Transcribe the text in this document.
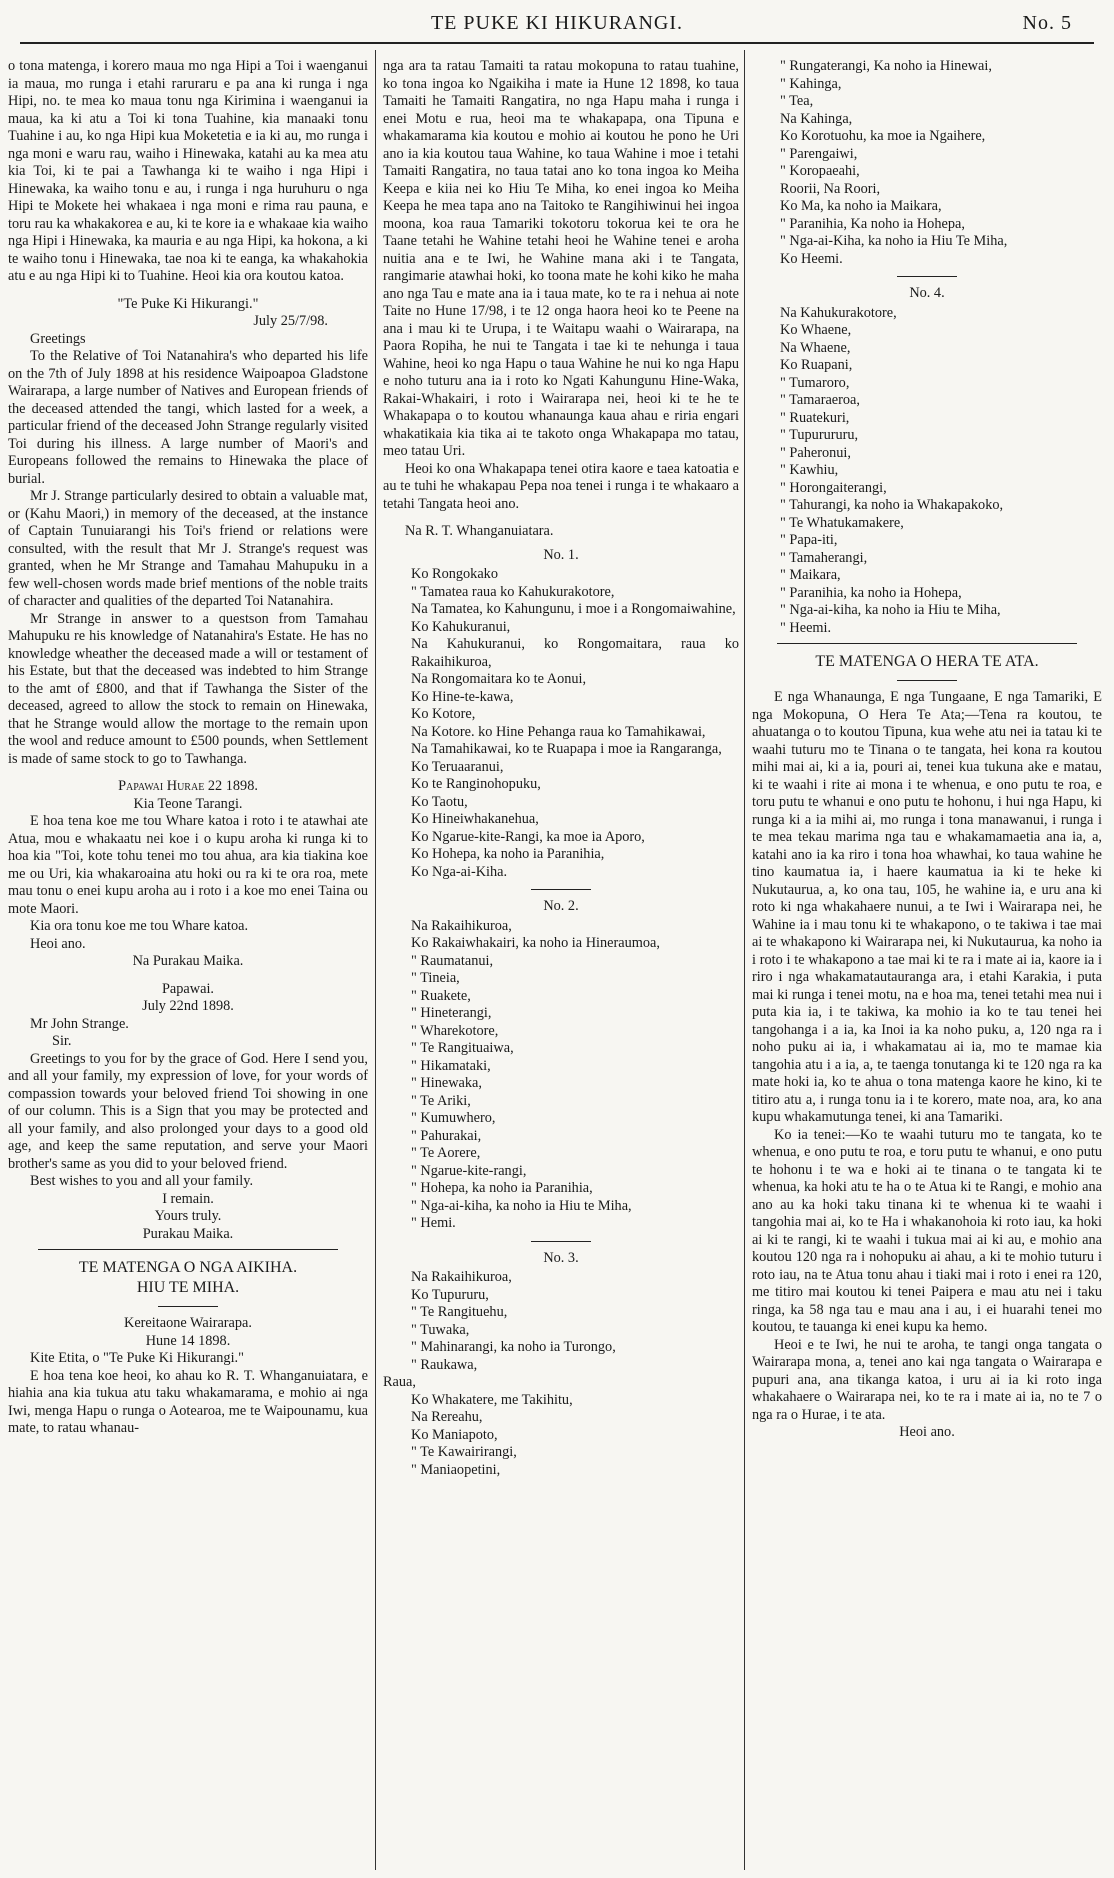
TE PUKE KI HIKURANGI.	No. 5

o tona matenga, i korero maua mo nga Hipi a Toi i waenganui ia maua, mo runga i etahi raruraru e pa ana ki runga i nga Hipi, no. te mea ko maua tonu nga Kirimina i waenganui ia maua, ka ki atu a Toi ki tona Tuahine, kia manaaki tonu Tuahine i au, ko nga Hipi kua Moketetia e ia ki au, mo runga i nga moni e waru rau, waiho i Hinewaka, katahi au ka mea atu kia Toi, ki te pai a Tawhanga ki te waiho i nga Hipi i Hinewaka, ka waiho tonu e au, i runga i nga huruhuru o nga Hipi te Mokete hei whakaea i nga moni e rima rau pauna, e toru rau ka whakakorea e au, ki te kore ia e whakaae kia waiho nga Hipi i Hinewaka, ka mauria e au nga Hipi, ka hokona, a ki te waiho tonu i Hinewaka, tae noa ki te eanga, ka whakahokia atu e au nga Hipi ki to Tuahine. Heoi kia ora koutou katoa.

"Te Puke Ki Hikurangi."

July 25/7/98.

Greetings

To the Relative of Toi Natanahira's who departed his life on the 7th of July 1898 at his residence Waipoapoa Gladstone Wairarapa, a large number of Natives and European friends of the deceased attended the tangi, which lasted for a week, a particular friend of the deceased John Strange regularly visited Toi during his illness. A large number of Maori's and Europeans followed the remains to Hinewaka the place of burial.

Mr J. Strange particularly desired to obtain a valuable mat, or (Kahu Maori,) in memory of the deceased, at the instance of Captain Tunuiarangi his Toi's friend or relations were consulted, with the result that Mr J. Strange's request was granted, when he Mr Strange and Tamahau Mahupuku in a few well-chosen words made brief mentions of the noble traits of character and qualities of the departed Toi Natanahira.

Mr Strange in answer to a questson from Tamahau Mahupuku re his knowledge of Natanahira's Estate. He has no knowledge wheather the deceased made a will or testament of his Estate, but that the deceased was indebted to him Strange to the amt of £800, and that if Tawhanga the Sister of the deceased, agreed to allow the stock to remain on Hinewaka, that he Strange would allow the mortage to the remain upon the wool and reduce amount to £500 pounds, when Settlement is made of same stock to go to Tawhanga.

Papawai Hurae 22 1898.

Kia Teone Tarangi.

E hoa tena koe me tou Whare katoa i roto i te atawhai ate Atua, mou e whakaatu nei koe i o kupu aroha ki runga ki to hoa kia "Toi, kote tohu tenei mo tou ahua, ara kia tiakina koe me ou Uri, kia whakaroaina atu hoki ou ra ki te ora roa, mete mau tonu o enei kupu aroha au i roto i a koe mo enei Taina ou mote Maori.

Kia ora tonu koe me tou Whare katoa.

Heoi ano.

Na Purakau Maika.

Papawai.

July 22nd 1898.

Mr John Strange.

Sir.

Greetings to you for by the grace of God. Here I send you, and all your family, my expression of love, for your words of compassion towards your beloved friend Toi showing in one of our column. This is a Sign that you may be protected and all your family, and also prolonged your days to a good old age, and keep the same reputation, and serve your Maori brother's same as you did to your beloved friend.

Best wishes to you and all your family.

I remain.

Yours truly.

Purakau Maika.

TE MATENGA O NGA AIKIHA.

HIU TE MIHA.

Kereitaone Wairarapa.

Hune 14 1898.

Kite Etita, o "Te Puke Ki Hikurangi."

E hoa tena koe heoi, ko ahau ko R. T. Whanganuiatara, e hiahia ana kia tukua atu taku whakamarama, e mohio ai nga Iwi, menga Hapu o runga o Aotearoa, me te Waipounamu, kua mate, to ratau whanau-

nga ara ta ratau Tamaiti ta ratau mokopuna to ratau tuahine, ko tona ingoa ko Ngaikiha i mate ia Hune 12 1898, ko taua Tamaiti he Tamaiti Rangatira, no nga Hapu maha i runga i enei Motu e rua, heoi ma te whakapapa, ona Tipuna e whakamarama kia koutou e mohio ai koutou he pono he Uri ano ia kia koutou taua Wahine, ko taua Wahine i moe i tetahi Tamaiti Rangatira, no taua tatai ano ko tona ingoa ko Meiha Keepa e kiia nei ko Hiu Te Miha, ko enei ingoa ko Meiha Keepa he mea tapa ano na Taitoko te Rangihiwinui hei ingoa moona, koa raua Tamariki tokotoru tokorua kei te ora he Taane tetahi he Wahine tetahi heoi he Wahine tenei e aroha nuitia ana e te Iwi, he Wahine mana aki i te Tangata, rangimarie atawhai hoki, ko toona mate he kohi kiko he maha ano nga Tau e mate ana ia i taua mate, ko te ra i nehua ai note Taite no Hune 17/98, i te 12 onga haora heoi ko te Peene na ana i mau ki te Urupa, i te Waitapu waahi o Wairarapa, na Paora Ropiha, he nui te Tangata i tae ki te nehunga i taua Wahine, heoi ko nga Hapu o taua Wahine he nui ko nga Hapu e noho tuturu ana ia i roto ko Ngati Kahungunu Hine-Waka, Rakai-Whakairi, i roto i Wairarapa nei, heoi ki te he te Whakapapa o to koutou whanaunga kaua ahau e riria engari whakatikaia kia tika ai te takoto onga Whakapapa mo tatau, meo tatau Uri.

Heoi ko ona Whakapapa tenei otira kaore e taea katoatia e au te tuhi he whakapau Pepa noa tenei i runga i te whakaaro a tetahi Tangata heoi ano.

Na R. T. Whanganuiatara.

No. 1.

Ko Rongokako

" Tamatea raua ko Kahukurakotore,

Na Tamatea, ko Kahungunu, i moe i a Rongomaiwahine,

Ko Kahukuranui,

Na Kahukuranui, ko Rongomaitara, raua ko Rakaihikuroa,

Na Rongomaitara ko te Aonui,

Ko Hine-te-kawa,

Ko Kotore,

Na Kotore. ko Hine Pehanga raua ko Tamahikawai,

Na Tamahikawai, ko te Ruapapa i moe ia Rangaranga,

Ko Teruaaranui,

Ko te Ranginohopuku,

Ko Taotu,

Ko Hineiwhakanehua,

Ko Ngarue-kite-Rangi, ka moe ia Aporo,

Ko Hohepa, ka noho ia Paranihia,

Ko Nga-ai-Kiha.

No. 2.

Na Rakaihikuroa,

Ko Rakaiwhakairi, ka noho ia Hineraumoa,

" Raumatanui,

" Tineia,

" Ruakete,

" Hineterangi,

" Wharekotore,

" Te Rangituaiwa,

" Hikamataki,

" Hinewaka,

" Te Ariki,

" Kumuwhero,

" Pahurakai,

" Te Aorere,

" Ngarue-kite-rangi,

" Hohepa, ka noho ia Paranihia,

" Nga-ai-kiha, ka noho ia Hiu te Miha,

" Hemi.

No. 3.

Na Rakaihikuroa,

Ko Tupururu,

" Te Rangituehu,

" Tuwaka,

" Mahinarangi, ka noho ia Turongo,

" Raukawa,

Raua,

Ko Whakatere, me Takihitu,

Na Rereahu,

Ko Maniapoto,

" Te Kawairirangi,

" Maniaopetini,

" Rungaterangi, Ka noho ia Hinewai,

" Kahinga,

" Tea,

Na Kahinga,

Ko Korotuohu, ka moe ia Ngaihere,

" Parengaiwi,

" Koropaeahi,

Roorii, Na Roori,

Ko Ma, ka noho ia Maikara,

" Paranihia, Ka noho ia Hohepa,

" Nga-ai-Kiha, ka noho ia Hiu Te Miha,

Ko Heemi.

No. 4.

Na Kahukurakotore,

Ko Whaene,

Na Whaene,

Ko Ruapani,

" Tumaroro,

" Tamaraeroa,

" Ruatekuri,

" Tupurururu,

" Paheronui,

" Kawhiu,

" Horongaiterangi,

" Tahurangi, ka noho ia Whakapakoko,

" Te Whatukamakere,

" Papa-iti,

" Tamaherangi,

" Maikara,

" Paranihia, ka noho ia Hohepa,

" Nga-ai-kiha, ka noho ia Hiu te Miha,

" Heemi.

TE MATENGA O HERA TE ATA.

E nga Whanaunga, E nga Tungaane, E nga Tamariki, E nga Mokopuna, O Hera Te Ata;—Tena ra koutou, te ahuatanga o to koutou Tipuna, kua wehe atu nei ia tatau ki te waahi tuturu mo te Tinana o te tangata, hei kona ra koutou mihi mai ai, ki a ia, pouri ai, tenei kua tukuna ake e matau, ki te waahi i rite ai mona i te whenua, e ono putu te roa, e toru putu te whanui e ono putu te hohonu, i hui nga Hapu, ki runga ki a ia mihi ai, mo runga i tona manawanui, i runga i te mea tekau marima nga tau e whakamamaetia ana ia, a, katahi ano ia ka riro i tona hoa whawhai, ko taua wahine he tino kaumatua ia, i haere kaumatua ia ki te heke ki Nukutaurua, a, ko ona tau, 105, he wahine ia, e uru ana ki roto ki nga whakahaere nunui, a te Iwi i Wairarapa nei, he Wahine ia i mau tonu ki te whakapono, o te takiwa i tae mai ai te whakapono ki Wairarapa nei, ki Nukutaurua, ka noho ia i roto i te whakapono a tae mai ki te ra i mate ai ia, kaore ia i riro i nga whakamatautauranga ara, i etahi Karakia, i puta mai ki runga i tenei motu, na e hoa ma, tenei tetahi mea nui i puta kia ia, i te takiwa, ka mohio ia ko te tau tenei hei tangohanga i a ia, ka Inoi ia ka noho puku, a, 120 nga ra i noho puku ai ia, i whakamatau ai ia, mo te mamae kia tangohia atu i a ia, a, te taenga tonutanga ki te 120 nga ra ka mate hoki ia, ko te ahua o tona matenga kaore he kino, ki te titiro atu a, i runga tonu ia i te korero, mate noa, ara, ko ana kupu whakamutunga tenei, ki ana Tamariki.

Ko ia tenei:—Ko te waahi tuturu mo te tangata, ko te whenua, e ono putu te roa, e toru putu te whanui, e ono putu te hohonu i te wa e hoki ai te tinana o te tangata ki te whenua, ka hoki atu te ha o te Atua ki te Rangi, e mohio ana ano au ka hoki taku tinana ki te whenua ki te waahi i tangohia mai ai, ko te Ha i whakanohoia ki roto iau, ka hoki ai ki te rangi, ki te waahi i tukua mai ai ki au, e mohio ana koutou 120 nga ra i nohopuku ai ahau, a ki te mohio tuturu i roto iau, na te Atua tonu ahau i tiaki mai i roto i enei ra 120, me titiro mai koutou ki tenei Paipera e mau atu nei i taku ringa, ka 58 nga tau e mau ana i au, i ei huarahi tenei mo koutou, te tauanga ki enei kupu ka hemo.

Heoi e te Iwi, he nui te aroha, te tangi onga tangata o Wairarapa mona, a, tenei ano kai nga tangata o Wairarapa e pupuri ana, ana tikanga katoa, i uru ai ia ki roto inga whakahaere o Wairarapa nei, ko te ra i mate ai ia, no te 7 o nga ra o Hurae, i te ata.

Heoi ano.
